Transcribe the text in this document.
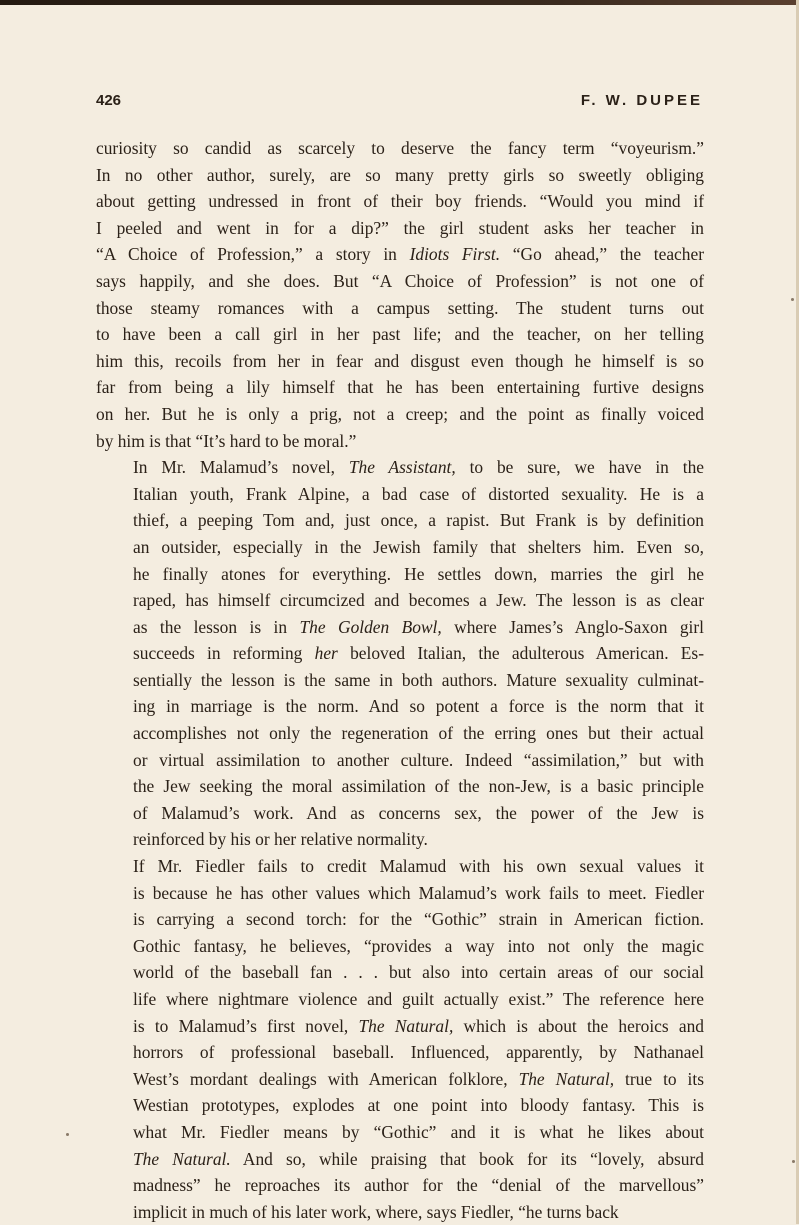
426	F. W. DUPEE

curiosity so candid as scarcely to deserve the fancy term “voyeurism.”
In no other author, surely, are so many pretty girls so sweetly obliging
about getting undressed in front of their boy friends. “Would you mind if
I peeled and went in for a dip?” the girl student asks her teacher in
“A Choice of Profession,” a story in Idiots First. “Go ahead,” the teacher
says happily, and she does. But “A Choice of Profession” is not one of
those steamy romances with a campus setting. The student turns out
to have been a call girl in her past life; and the teacher, on her telling
him this, recoils from her in fear and disgust even though he himself is so
far from being a lily himself that he has been entertaining furtive designs
on her. But he is only a prig, not a creep; and the point as finally voiced
by him is that “It’s hard to be moral.”

In Mr. Malamud’s novel, The Assistant, to be sure, we have in the
Italian youth, Frank Alpine, a bad case of distorted sexuality. He is a
thief, a peeping Tom and, just once, a rapist. But Frank is by definition
an outsider, especially in the Jewish family that shelters him. Even so,
he finally atones for everything. He settles down, marries the girl he
raped, has himself circumcized and becomes a Jew. The lesson is as clear
as the lesson is in The Golden Bowl, where James’s Anglo-Saxon girl
succeeds in reforming her beloved Italian, the adulterous American. Es-
sentially the lesson is the same in both authors. Mature sexuality culminat-
ing in marriage is the norm. And so potent a force is the norm that it
accomplishes not only the regeneration of the erring ones but their actual
or virtual assimilation to another culture. Indeed “assimilation,” but with
the Jew seeking the moral assimilation of the non-Jew, is a basic principle
of Malamud’s work. And as concerns sex, the power of the Jew is
reinforced by his or her relative normality.

If Mr. Fiedler fails to credit Malamud with his own sexual values it
is because he has other values which Malamud’s work fails to meet. Fiedler
is carrying a second torch: for the “Gothic” strain in American fiction.
Gothic fantasy, he believes, “provides a way into not only the magic
world of the baseball fan . . . but also into certain areas of our social
life where nightmare violence and guilt actually exist.” The reference here
is to Malamud’s first novel, The Natural, which is about the heroics and
horrors of professional baseball. Influenced, apparently, by Nathanael
West’s mordant dealings with American folklore, The Natural, true to its
Westian prototypes, explodes at one point into bloody fantasy. This is
what Mr. Fiedler means by “Gothic” and it is what he likes about
The Natural. And so, while praising that book for its “lovely, absurd
madness” he reproaches its author for the “denial of the marvellous”
implicit in much of his later work, where, says Fiedler, “he turns back
